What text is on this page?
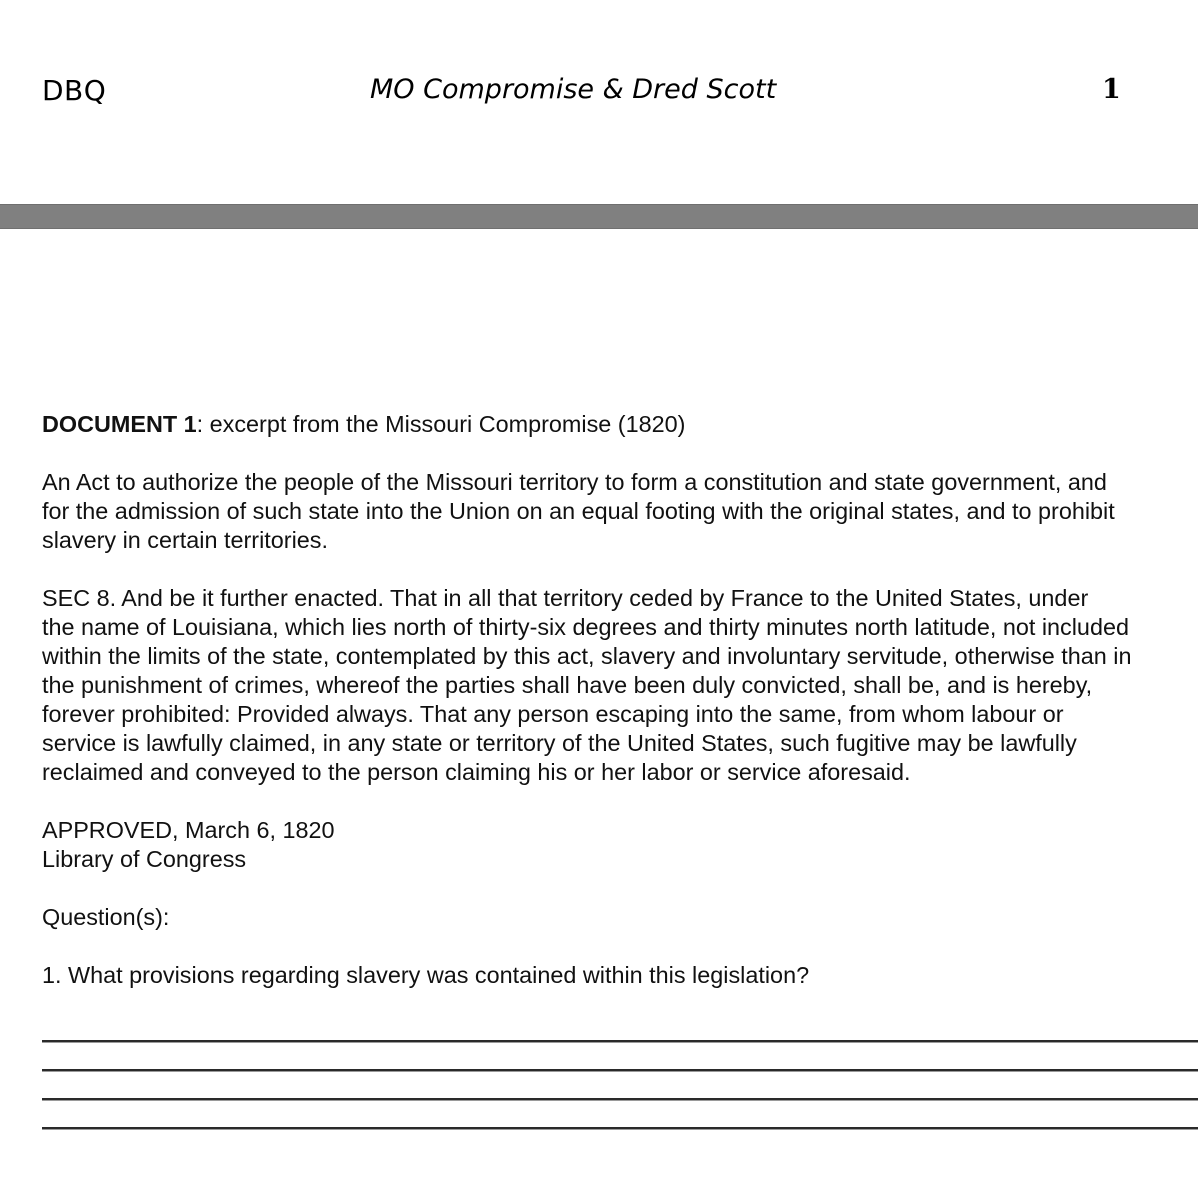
DBQ	MO Compromise & Dred Scott	1
DOCUMENT 1: excerpt from the Missouri Compromise (1820)
An Act to authorize the people of the Missouri territory to form a constitution and state government, and
for the admission of such state into the Union on an equal footing with the original states, and to prohibit
slavery in certain territories.
SEC 8. And be it further enacted. That in all that territory ceded by France to the United States, under
the name of Louisiana, which lies north of thirty-six degrees and thirty minutes north latitude, not included
within the limits of the state, contemplated by this act, slavery and involuntary servitude, otherwise than in
the punishment of crimes, whereof the parties shall have been duly convicted, shall be, and is hereby,
forever prohibited: Provided always. That any person escaping into the same, from whom labour or
service is lawfully claimed, in any state or territory of the United States, such fugitive may be lawfully
reclaimed and conveyed to the person claiming his or her labor or service aforesaid.
APPROVED, March 6, 1820
Library of Congress
Question(s):
1. What provisions regarding slavery was contained within this legislation?
